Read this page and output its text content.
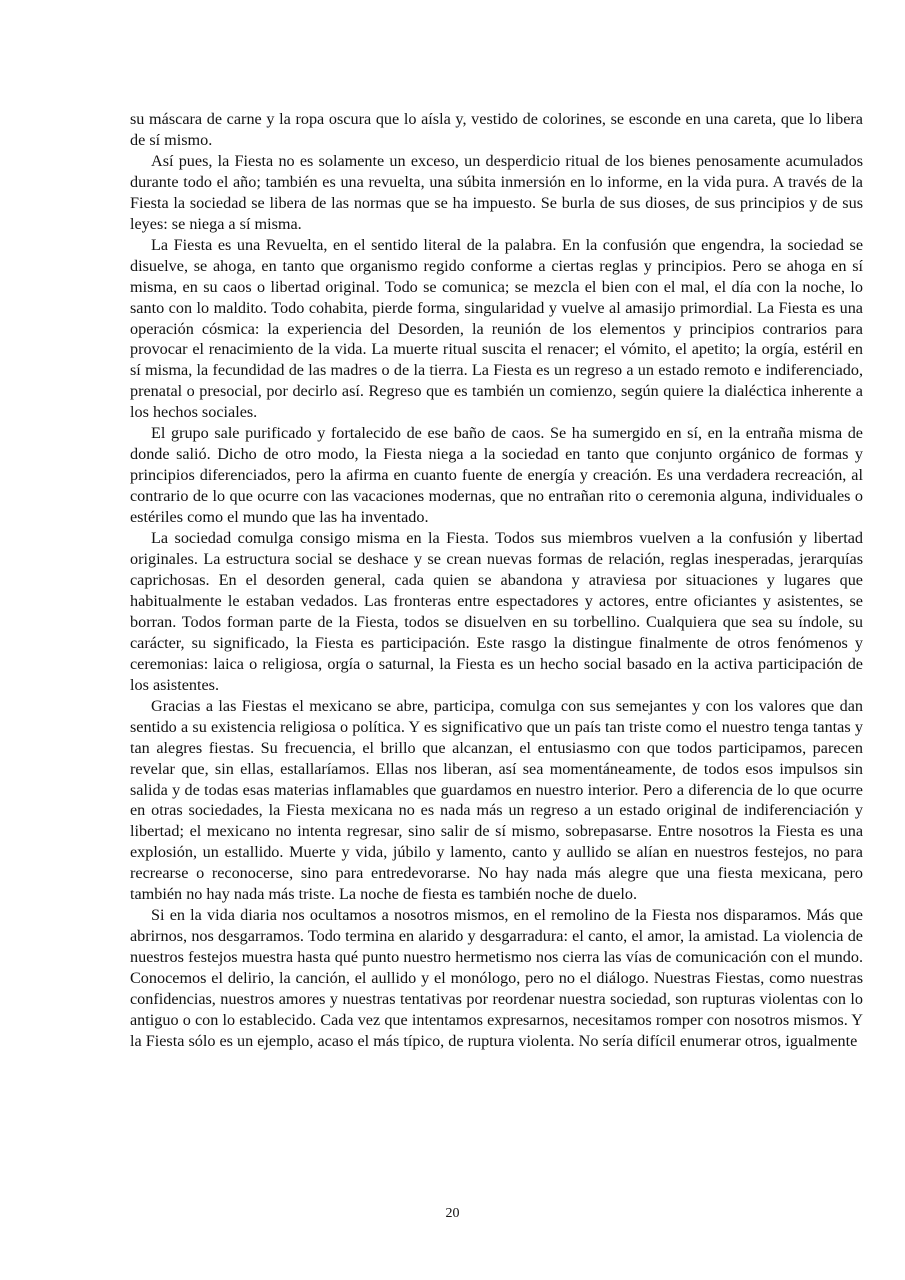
su máscara de carne y la ropa oscura que lo aísla y, vestido de colorines, se esconde en una careta, que lo libera de sí mismo.

Así pues, la Fiesta no es solamente un exceso, un desperdicio ritual de los bienes penosamente acumulados durante todo el año; también es una revuelta, una súbita inmersión en lo informe, en la vida pura. A través de la Fiesta la sociedad se libera de las normas que se ha impuesto. Se burla de sus dioses, de sus principios y de sus leyes: se niega a sí misma.

La Fiesta es una Revuelta, en el sentido literal de la palabra. En la confusión que engendra, la sociedad se disuelve, se ahoga, en tanto que organismo regido conforme a ciertas reglas y principios. Pero se ahoga en sí misma, en su caos o libertad original. Todo se comunica; se mezcla el bien con el mal, el día con la noche, lo santo con lo maldito. Todo cohabita, pierde forma, singularidad y vuelve al amasijo primordial. La Fiesta es una operación cósmica: la experiencia del Desorden, la reunión de los elementos y principios contrarios para provocar el renacimiento de la vida. La muerte ritual suscita el renacer; el vómito, el apetito; la orgía, estéril en sí misma, la fecundidad de las madres o de la tierra. La Fiesta es un regreso a un estado remoto e indiferenciado, prenatal o presocial, por decirlo así. Regreso que es también un comienzo, según quiere la dialéctica inherente a los hechos sociales.

El grupo sale purificado y fortalecido de ese baño de caos. Se ha sumergido en sí, en la entraña misma de donde salió. Dicho de otro modo, la Fiesta niega a la sociedad en tanto que conjunto orgánico de formas y principios diferenciados, pero la afirma en cuanto fuente de energía y creación. Es una verdadera recreación, al contrario de lo que ocurre con las vacaciones modernas, que no entrañan rito o ceremonia alguna, individuales o estériles como el mundo que las ha inventado.

La sociedad comulga consigo misma en la Fiesta. Todos sus miembros vuelven a la confusión y libertad originales. La estructura social se deshace y se crean nuevas formas de relación, reglas inesperadas, jerarquías caprichosas. En el desorden general, cada quien se abandona y atraviesa por situaciones y lugares que habitualmente le estaban vedados. Las fronteras entre espectadores y actores, entre oficiantes y asistentes, se borran. Todos forman parte de la Fiesta, todos se disuelven en su torbellino. Cualquiera que sea su índole, su carácter, su significado, la Fiesta es participación. Este rasgo la distingue finalmente de otros fenómenos y ceremonias: laica o religiosa, orgía o saturnal, la Fiesta es un hecho social basado en la activa participación de los asistentes.

Gracias a las Fiestas el mexicano se abre, participa, comulga con sus semejantes y con los valores que dan sentido a su existencia religiosa o política. Y es significativo que un país tan triste como el nuestro tenga tantas y tan alegres fiestas. Su frecuencia, el brillo que alcanzan, el entusiasmo con que todos participamos, parecen revelar que, sin ellas, estallaríamos. Ellas nos liberan, así sea momentáneamente, de todos esos impulsos sin salida y de todas esas materias inflamables que guardamos en nuestro interior. Pero a diferencia de lo que ocurre en otras sociedades, la Fiesta mexicana no es nada más un regreso a un estado original de indiferenciación y libertad; el mexicano no intenta regresar, sino salir de sí mismo, sobrepasarse. Entre nosotros la Fiesta es una explosión, un estallido. Muerte y vida, júbilo y lamento, canto y aullido se alían en nuestros festejos, no para recrearse o reconocerse, sino para entredevorarse. No hay nada más alegre que una fiesta mexicana, pero también no hay nada más triste. La noche de fiesta es también noche de duelo.

Si en la vida diaria nos ocultamos a nosotros mismos, en el remolino de la Fiesta nos disparamos. Más que abrirnos, nos desgarramos. Todo termina en alarido y desgarradura: el canto, el amor, la amistad. La violencia de nuestros festejos muestra hasta qué punto nuestro hermetismo nos cierra las vías de comunicación con el mundo. Conocemos el delirio, la canción, el aullido y el monólogo, pero no el diálogo. Nuestras Fiestas, como nuestras confidencias, nuestros amores y nuestras tentativas por reordenar nuestra sociedad, son rupturas violentas con lo antiguo o con lo establecido. Cada vez que intentamos expresarnos, necesitamos romper con nosotros mismos. Y la Fiesta sólo es un ejemplo, acaso el más típico, de ruptura violenta. No sería difícil enumerar otros, igualmente

20
